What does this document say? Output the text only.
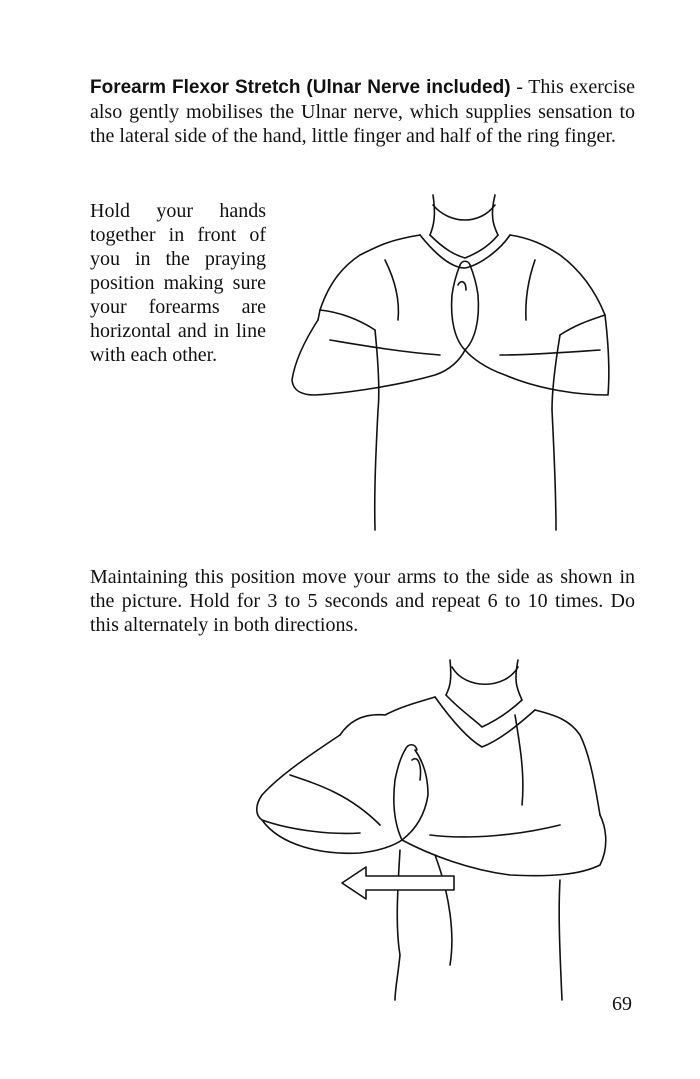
Forearm Flexor Stretch (Ulnar Nerve included) - This exercise also gently mobilises the Ulnar nerve, which supplies sensation to the lateral side of the hand, little finger and half of the ring finger.
Hold your hands together in front of you in the praying position making sure your forearms are horizontal and in line with each other.
Maintaining this position move your arms to the side as shown in the picture. Hold for 3 to 5 seconds and repeat 6 to 10 times. Do this alternately in both directions.
69
